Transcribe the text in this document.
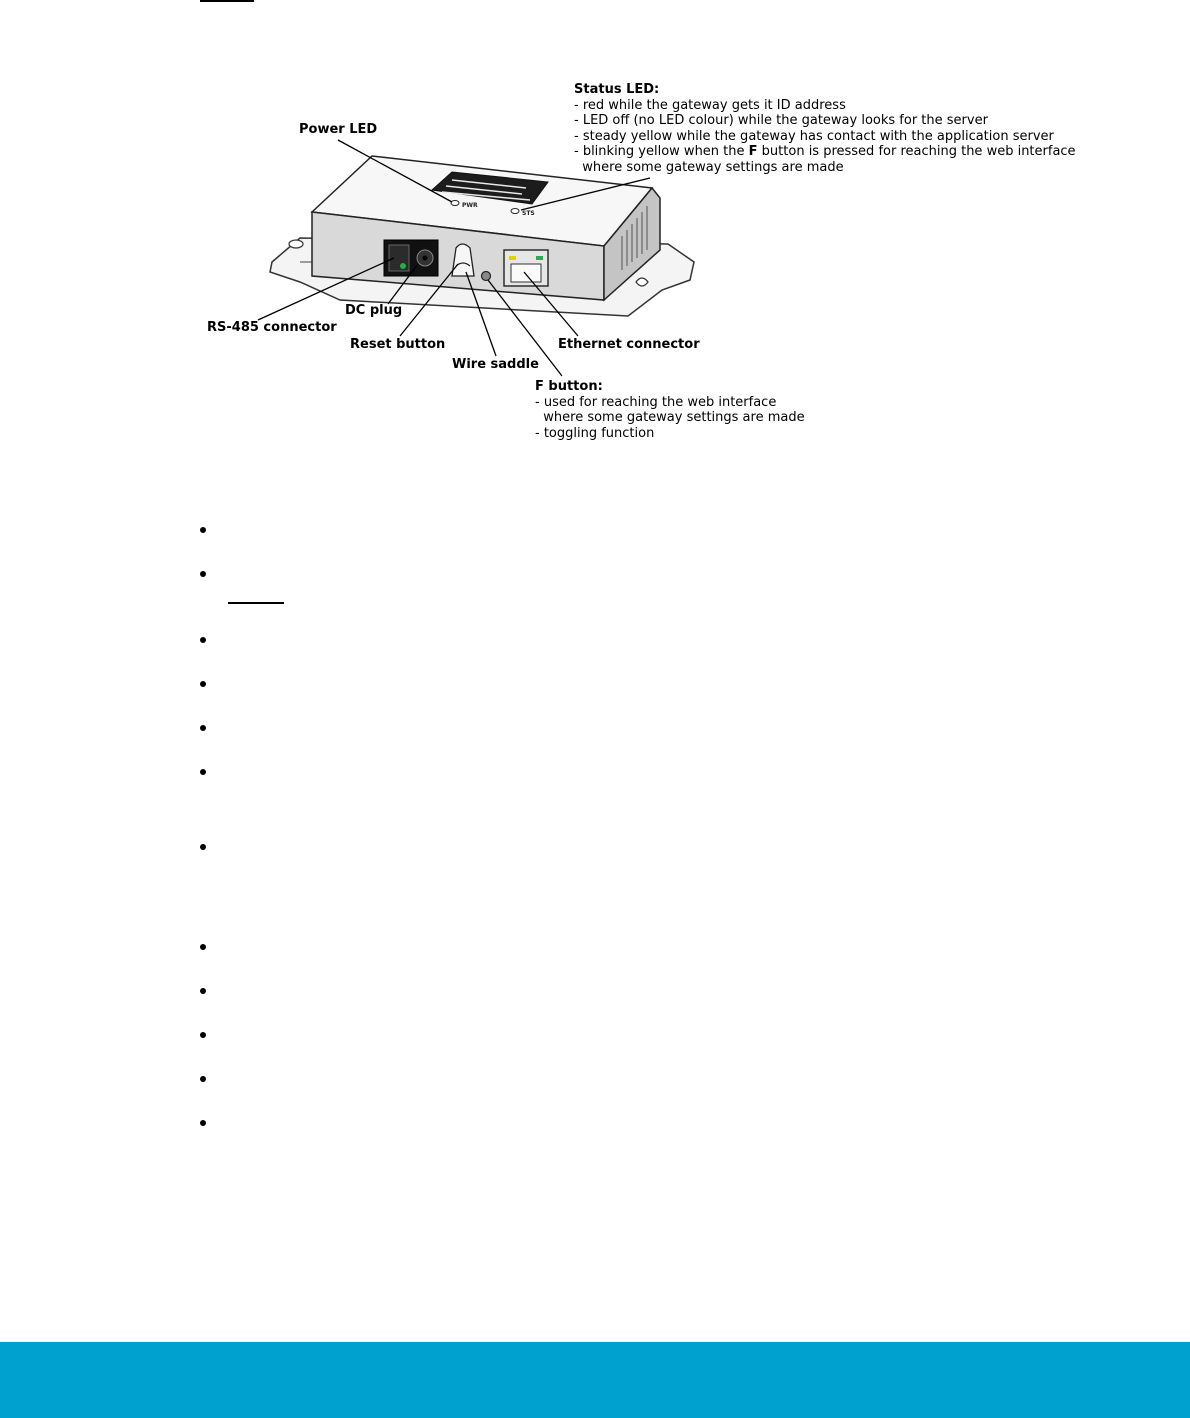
PWR
STS
Power LED
Status LED:
- red while the gateway gets it ID address
- LED off (no LED colour) while the gateway looks for the server
- steady yellow while the gateway has contact with the application server
- blinking yellow when the F button is pressed for reaching the web interface
where some gateway settings are made
RS-485 connector
DC plug
Reset button
Wire saddle
Ethernet connector
F button:
- used for reaching the web interface
where some gateway settings are made
- toggling function
